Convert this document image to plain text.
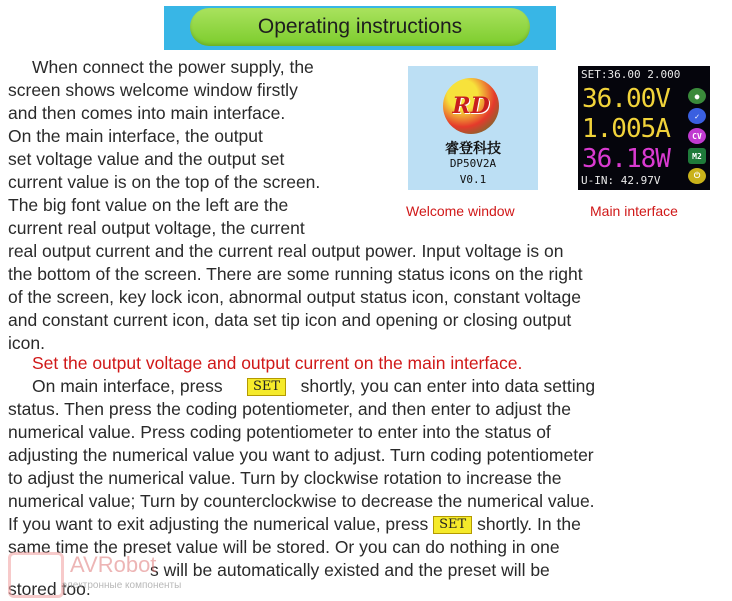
Operating instructions
When connect the power supply, the
screen shows welcome window firstly
and then comes into main interface.
On the main interface, the output
set voltage value and the output set
current value is on the top of the screen.
The big font value on the left are the
current real output voltage, the current
real output current and the current real output power. Input voltage is on
the bottom of the screen. There are some running status icons on the right
of the screen, key lock icon, abnormal output status icon, constant voltage
and constant current icon, data set tip icon and opening or closing output
icon.
RD
睿登科技
DP50V2A
V0.1
Welcome window
SET:36.00 2.000
36.00V
1.005A
36.18W
U-IN: 42.97V
●
✓
CV
M2
⏻
Main interface
Set the output voltage and output current on the main interface.
On main interface, press SET shortly, you can enter into data setting
status. Then press the coding potentiometer, and then enter to adjust the
numerical value. Press coding potentiometer to enter into the status of
adjusting the numerical value you want to adjust. Turn coding potentiometer
to adjust the numerical value. Turn by clockwise rotation to increase the
numerical value; Turn by counterclockwise to decrease the numerical value.
If you want to exit adjusting the numerical value, press SET shortly. In the
same time the preset value will be stored. Or you can do nothing in one
s will be automatically existed and the preset will be
stored too.
AVRobot
электронные компоненты
